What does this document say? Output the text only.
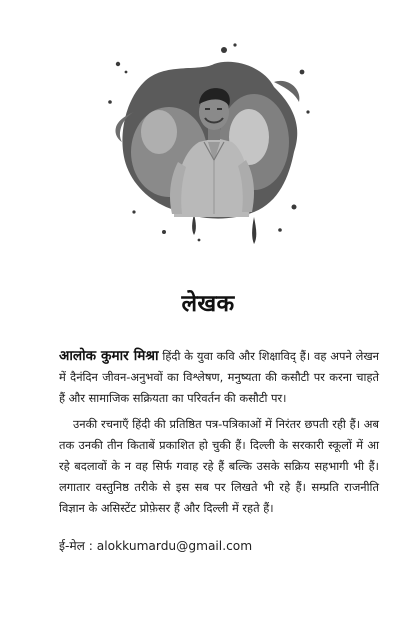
लेखक

आलोक कुमार मिश्रा हिंदी के युवा कवि और शिक्षाविद् हैं। वह अपने लेखन में दैनंदिन जीवन-अनुभवों का विश्लेषण, मनुष्यता की कसौटी पर करना चाहते हैं और सामाजिक सक्रियता का परिवर्तन की कसौटी पर।

उनकी रचनाएँ हिंदी की प्रतिष्ठित पत्र-पत्रिकाओं में निरंतर छपती रही हैं। अब तक उनकी तीन किताबें प्रकाशित हो चुकी हैं। दिल्ली के सरकारी स्कूलों में आ रहे बदलावों के न वह सिर्फ गवाह रहे हैं बल्कि उसके सक्रिय सहभागी भी हैं। लगातार वस्तुनिष्ठ तरीके से इस सब पर लिखते भी रहे हैं। सम्प्रति राजनीति विज्ञान के असिस्टेंट प्रोफ़ेसर हैं और दिल्ली में रहते हैं।

ई-मेल : alokkumardu@gmail.com
